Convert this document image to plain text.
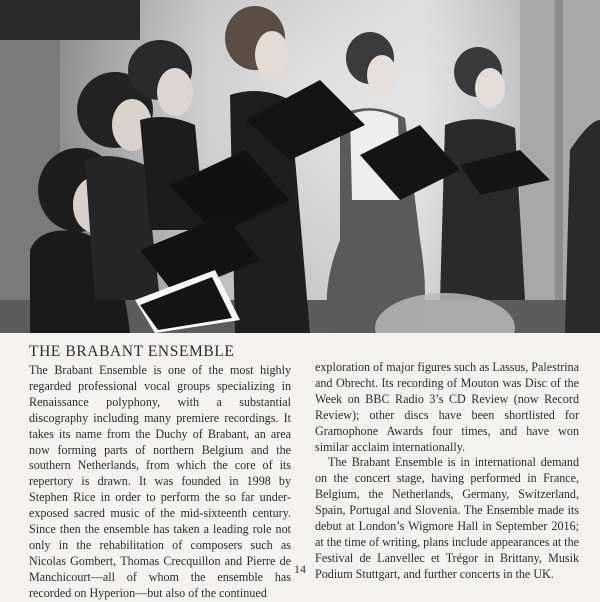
THE BRABANT ENSEMBLE

The Brabant Ensemble is one of the most highly regarded professional vocal groups specializing in Renaissance polyphony, with a substantial discography including many premiere recordings. It takes its name from the Duchy of Brabant, an area now forming parts of northern Belgium and the southern Netherlands, from which the core of its repertory is drawn. It was founded in 1998 by Stephen Rice in order to perform the so far under-exposed sacred music of the mid-sixteenth century. Since then the ensemble has taken a leading role not only in the rehabilitation of composers such as Nicolas Gombert, Thomas Crecquillon and Pierre de Manchicourt—all of whom the ensemble has recorded on Hyperion—but also of the continued

exploration of major figures such as Lassus, Palestrina and Obrecht. Its recording of Mouton was Disc of the Week on BBC Radio 3’s CD Review (now Record Review); other discs have been shortlisted for Gramophone Awards four times, and have won similar acclaim internationally.

The Brabant Ensemble is in international demand on the concert stage, having performed in France, Belgium, the Netherlands, Germany, Switzerland, Spain, Portugal and Slovenia. The Ensemble made its debut at London’s Wigmore Hall in September 2016; at the time of writing, plans include appearances at the Festival de Lanvellec et Trégor in Brittany, Musik Podium Stuttgart, and further concerts in the UK.

14
